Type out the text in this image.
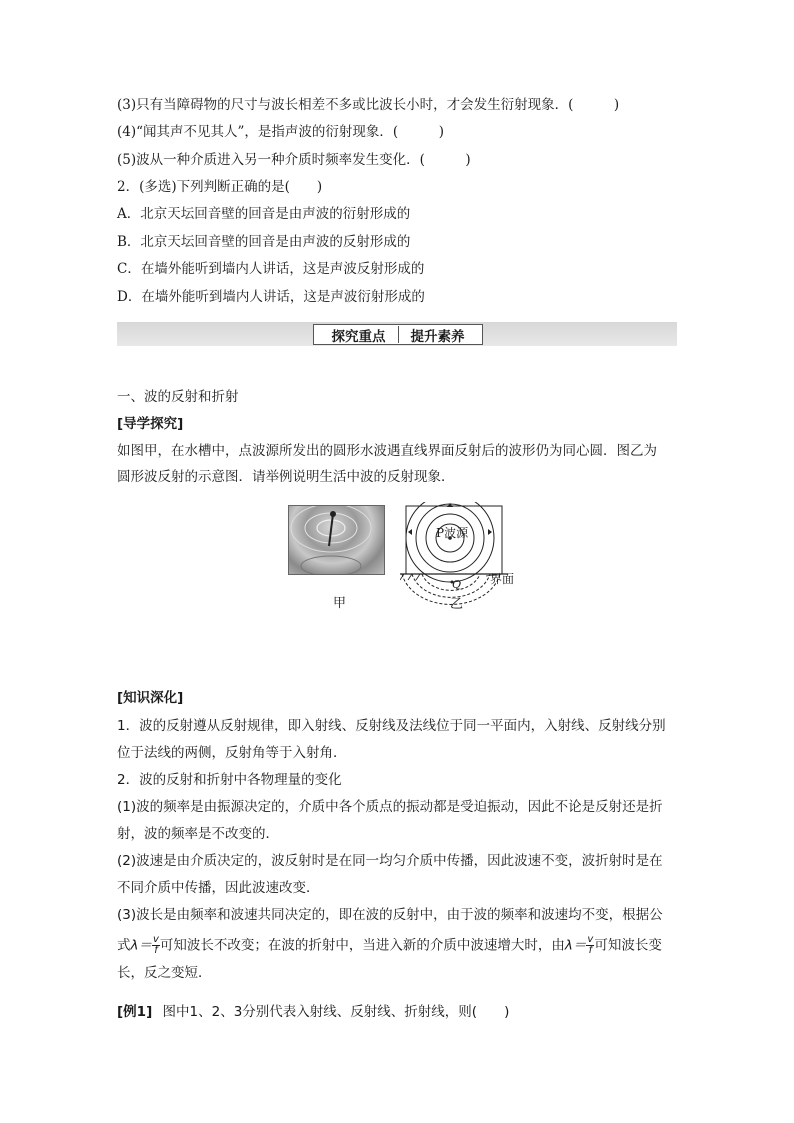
(3)只有当障碍物的尺寸与波长相差不多或比波长小时，才会发生衍射现象．(　　　)
(4)“闻其声不见其人”，是指声波的衍射现象．(　　　)
(5)波从一种介质进入另一种介质时频率发生变化．(　　　)
2．(多选)下列判断正确的是(　　)
A．北京天坛回音壁的回音是由声波的衍射形成的
B．北京天坛回音壁的回音是由声波的反射形成的
C．在墙外能听到墙内人讲话，这是声波反射形成的
D．在墙外能听到墙内人讲话，这是声波衍射形成的
探究重点 提升素养
一、波的反射和折射
[导学探究]
如图甲，在水槽中，点波源所发出的圆形水波遇直线界面反射后的波形仍为同心圆．图乙为
圆形波反射的示意图．请举例说明生活中波的反射现象．
甲
P波源
Q 界面
乙
[知识深化]
1．波的反射遵从反射规律，即入射线、反射线及法线位于同一平面内，入射线、反射线分别
位于法线的两侧，反射角等于入射角．
2．波的反射和折射中各物理量的变化
(1)波的频率是由振源决定的，介质中各个质点的振动都是受迫振动，因此不论是反射还是折
射，波的频率是不改变的．
(2)波速是由介质决定的，波反射时是在同一均匀介质中传播，因此波速不变，波折射时是在
不同介质中传播，因此波速改变．
(3)波长是由频率和波速共同决定的，即在波的反射中，由于波的频率和波速均不变，根据公
式$\lambda= \frac{v}{f}$ 可知波长不改变；在波的折射中，当进入新的介质中波速增大时，由$\lambda= \frac{v}{f}$ 可知波长变
长，反之变短．
[例1] 图中1、2、3分别代表入射线、反射线、折射线，则(　　)
